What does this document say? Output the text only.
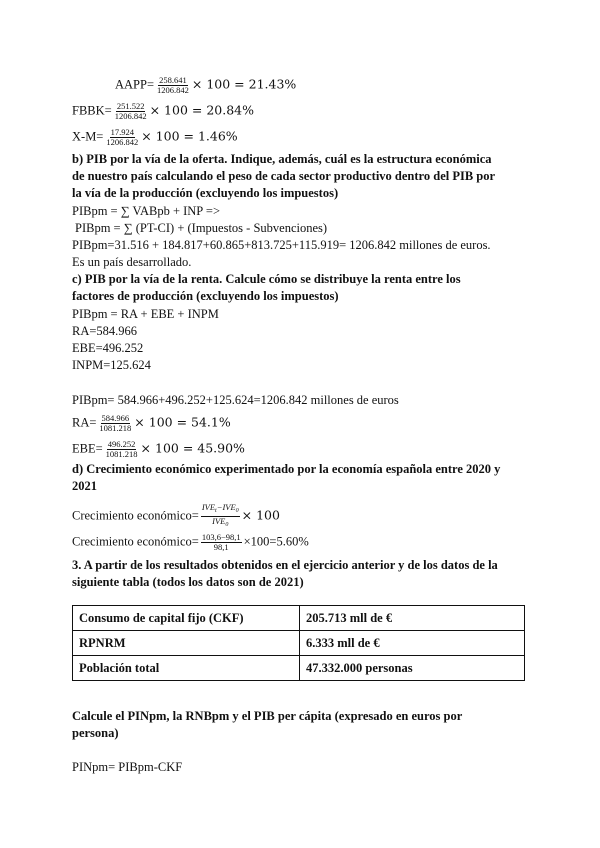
AAPP= $\frac{258.641}{1206.842} \times 100 = 21.43\%$
FBBK= $\frac{251.522}{1206.842} \times 100 = 20.84\%$
$X-M= \frac{17.924}{1206.842} \times 100 = 1.46\%$
b) PIB por la vía de la oferta. Indique, además, cuál es la estructura económica
de nuestro país calculando el peso de cada sector productivo dentro del PIB por
la vía de la producción (excluyendo los impuestos)
PIBpm = ∑ VABpb + INP =>
PIBpm = ∑ (PT-CI) + (Impuestos - Subvenciones)
PIBpm=31.516 + 184.817+60.865+813.725+115.919= 1206.842 millones de euros.
Es un país desarrollado.
c) PIB por la vía de la renta. Calcule cómo se distribuye la renta entre los
factores de producción (excluyendo los impuestos)
PIBpm = RA + EBE + INPM
RA=584.966
EBE=496.252
INPM=125.624
PIBpm= 584.966+496.252+125.624=1206.842 millones de euros
$RA= \frac{584.966}{1081.218} \times 100 = 54.1\%$
$EBE= \frac{496.252}{1081.218} \times 100 = 45.90\%$
d) Crecimiento económico experimentado por la economía española entre 2020 y
2021
Crecimiento económico= $\frac{IVE_t-IVE_0}{IVE_0} \times 100$
Crecimiento económico= $\frac{103,6-98,1}{98,1} \times 100=5.60\%$
3. A partir de los resultados obtenidos en el ejercicio anterior y de los datos de la
siguiente tabla (todos los datos son de 2021)
Consumo de capital fijo (CKF)	205.713 mll de €
RPNRM	6.333 mll de €
Población total	47.332.000 personas
Calcule el PINpm, la RNBpm y el PIB per cápita (expresado en euros por
persona)
PINpm= PIBpm-CKF
